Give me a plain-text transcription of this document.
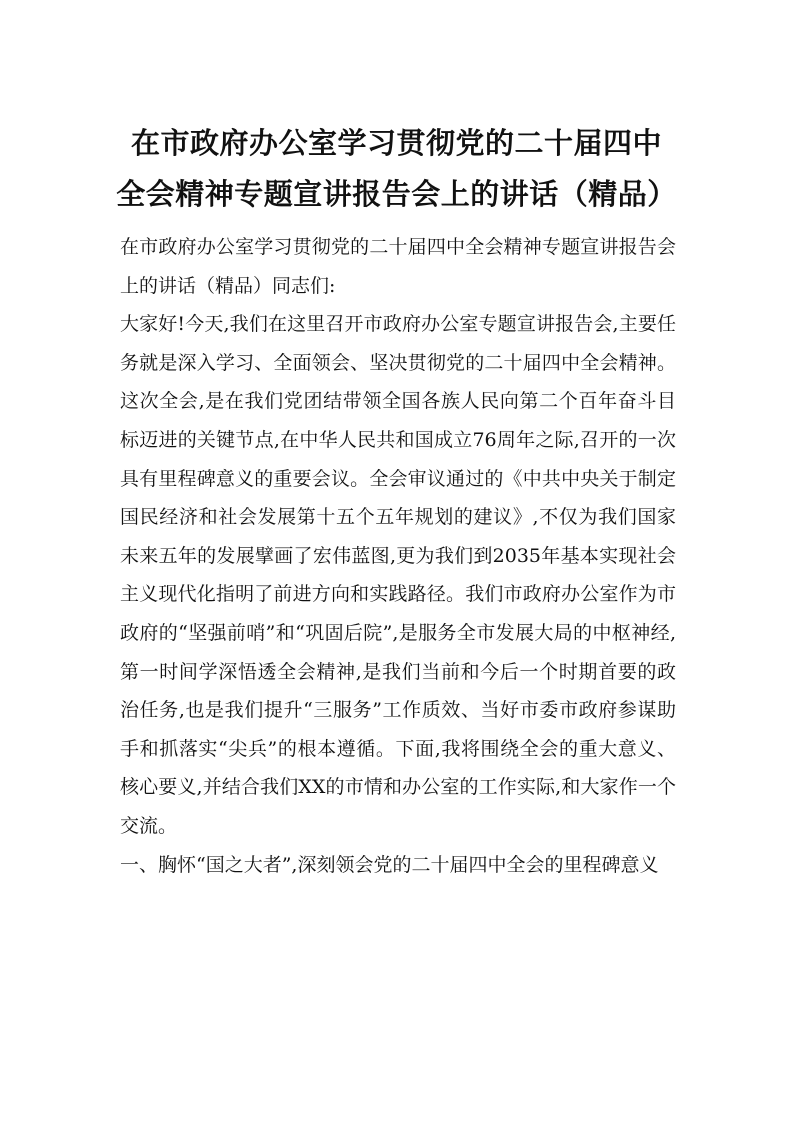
在市政府办公室学习贯彻党的二十届四中
全会精神专题宣讲报告会上的讲话（精品）

在市政府办公室学习贯彻党的二十届四中全会精神专题宣讲报告会上的讲话（精品）同志们:

大家好!今天,我们在这里召开市政府办公室专题宣讲报告会,主要任务就是深入学习、全面领会、坚决贯彻党的二十届四中全会精神。这次全会,是在我们党团结带领全国各族人民向第二个百年奋斗目标迈进的关键节点,在中华人民共和国成立76周年之际,召开的一次具有里程碑意义的重要会议。全会审议通过的《中共中央关于制定国民经济和社会发展第十五个五年规划的建议》,不仅为我们国家未来五年的发展擘画了宏伟蓝图,更为我们到2035年基本实现社会主义现代化指明了前进方向和实践路径。我们市政府办公室作为市政府的“坚强前哨”和“巩固后院”,是服务全市发展大局的中枢神经,第一时间学深悟透全会精神,是我们当前和今后一个时期首要的政治任务,也是我们提升“三服务”工作质效、当好市委市政府参谋助手和抓落实“尖兵”的根本遵循。下面,我将围绕全会的重大意义、核心要义,并结合我们XX的市情和办公室的工作实际,和大家作一个交流。

一、胸怀“国之大者”,深刻领会党的二十届四中全会的里程碑意义
